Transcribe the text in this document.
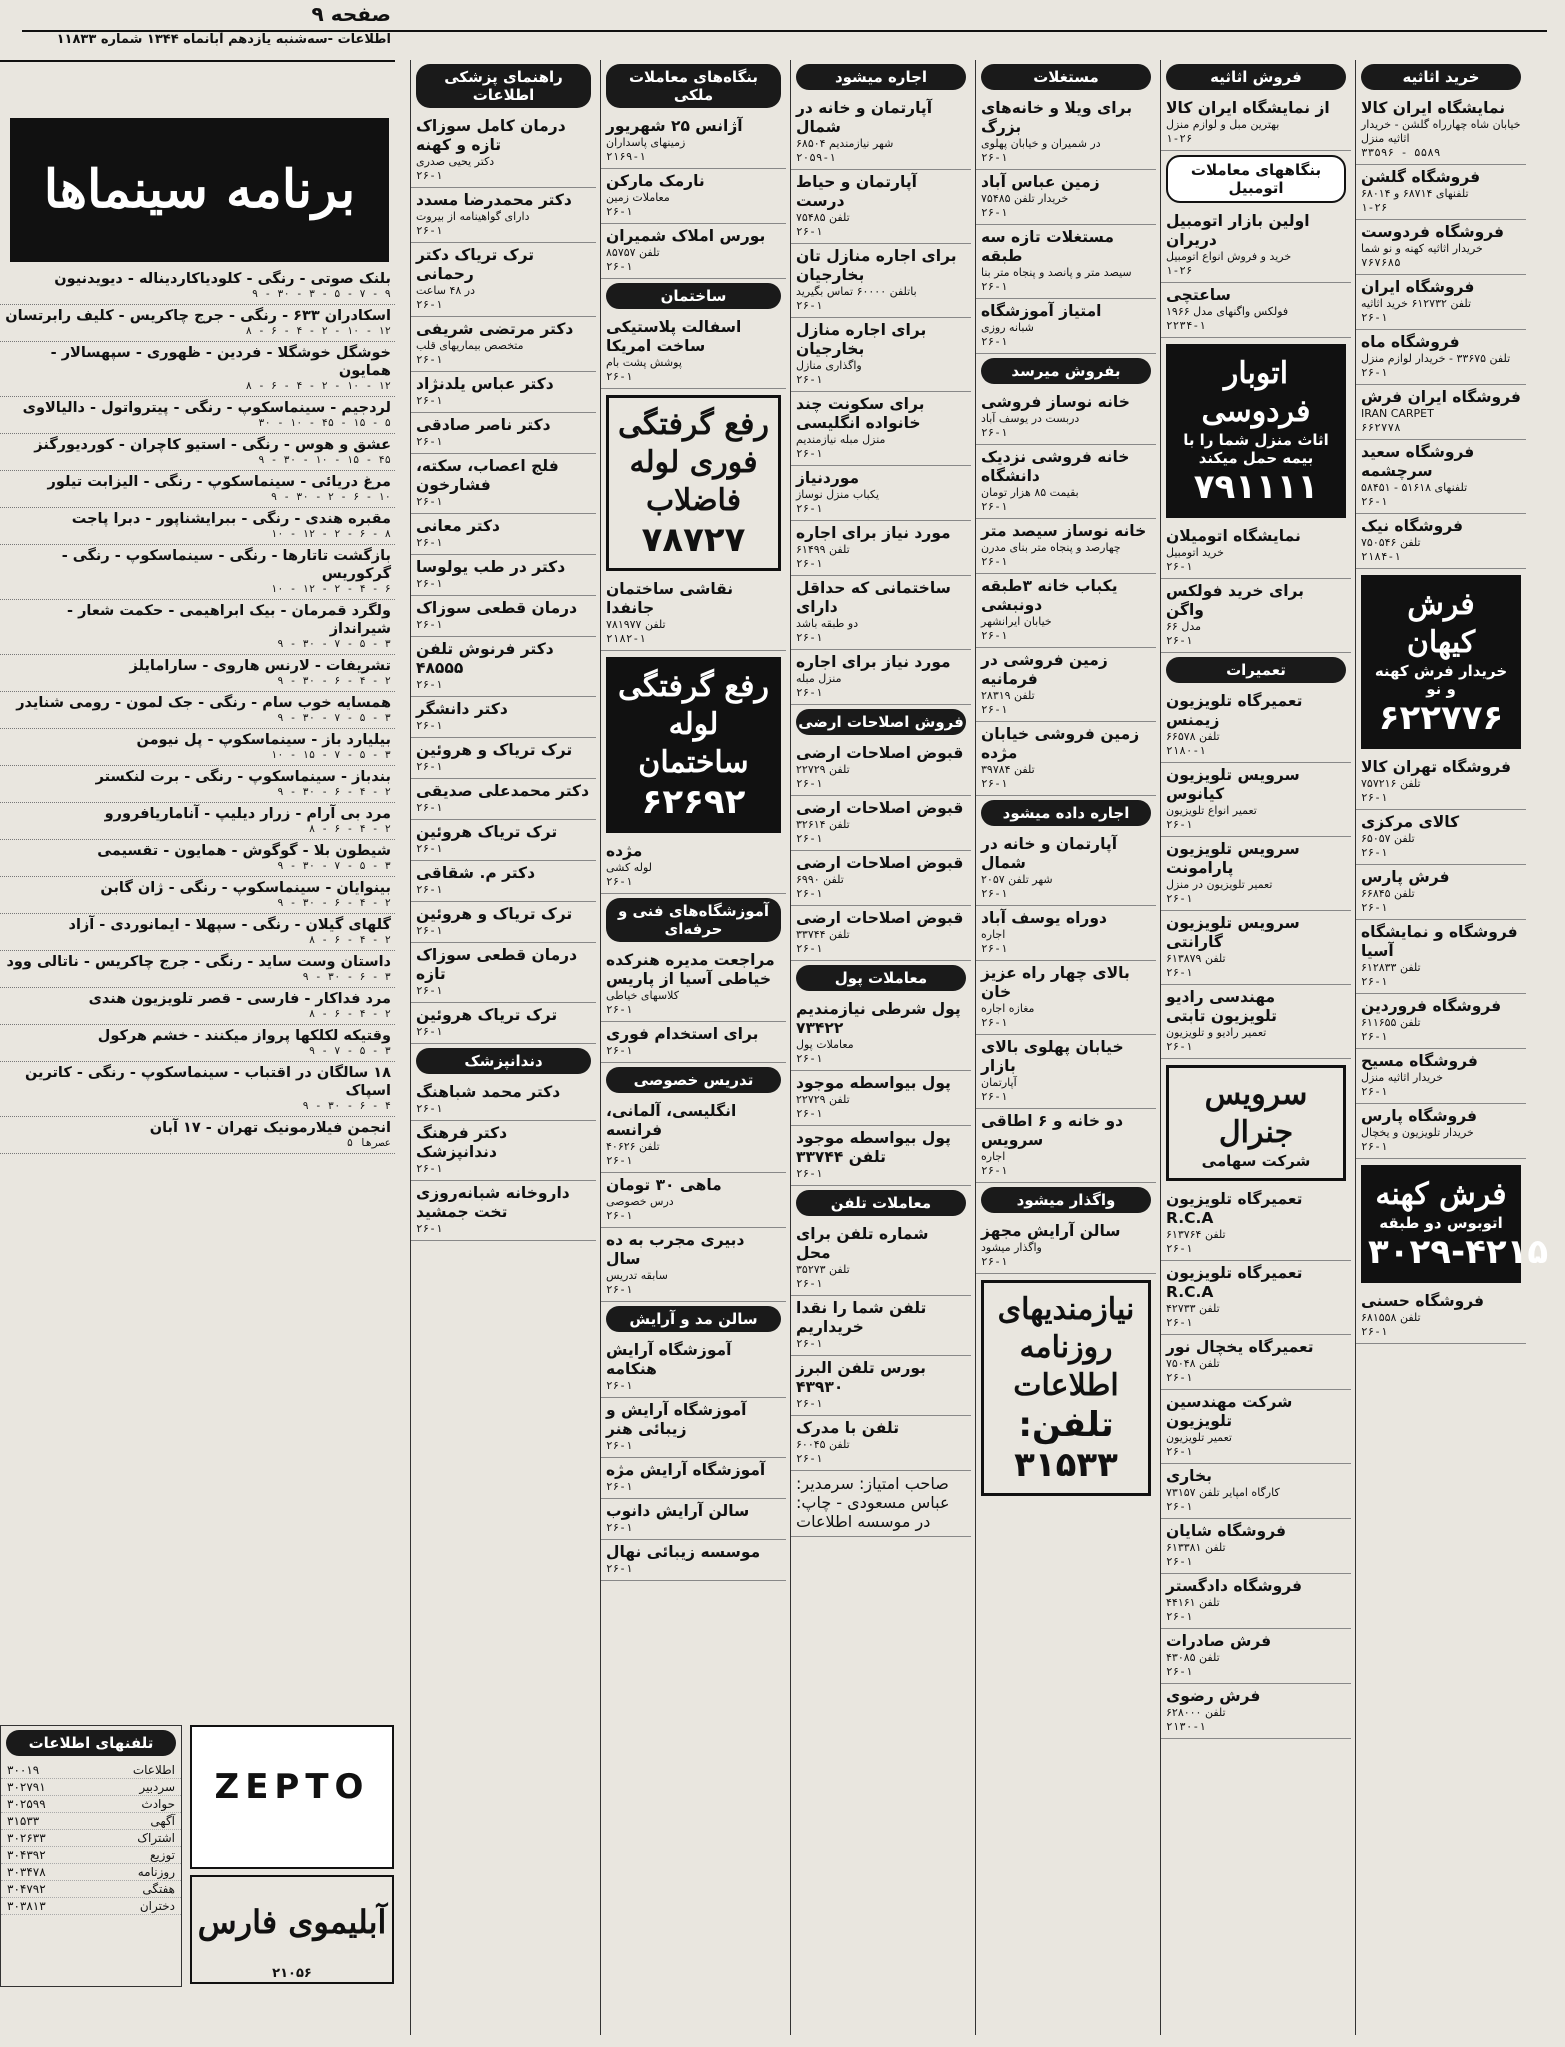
صفحه ۹
اطلاعات -سه‌شنبه یازدهم آبانماه ۱۳۴۴ شماره ۱۱۸۳۳
برنامه سینماها
بلنک صوتی - رنگی - کلودیاکاردیناله - دیویدنیون
۹ - ۳۰ - ۳ - ۵ - ۷ - ۹
اسکادران ۶۳۳ - رنگی - جرج چاکریس - کلیف رابرتسان
۸ - ۶ - ۴ - ۲ - ۱۰ - ۱۲
خوشگل خوشگلا - فردین - ظهوری - سپهسالار - همایون
۸ - ۶ - ۴ - ۲ - ۱۰ - ۱۲
لردجیم - سینماسکوپ - رنگی - پیترواتول - دالیالاوی
۳۰ - ۱۰ - ۴۵ - ۱۵ - ۵
عشق و هوس - رنگی - استیو کاچران - کوردیورگنز
۹ - ۳۰ - ۱۰ - ۱۵ - ۴۵
مرغ دریائی - سینماسکوپ - رنگی - الیزابت تیلور
۹ - ۳۰ - ۲ - ۶ - ۱۰
مقبره هندی - رنگی - ببرایشناپور - دبرا پاجت
۱۰ - ۱۲ - ۲ - ۶ - ۸
بازگشت تاتارها - رنگی - سینماسکوپ - رنگی - گرکوریس
۱۰ - ۱۲ - ۲ - ۴ - ۶
ولگرد قمرمان - بیک ابراهیمی - حکمت شعار - شیرانداز
۹ - ۳۰ - ۷ - ۵ - ۳
تشریفات - لارنس هاروی - سارامایلز
۹ - ۳۰ - ۶ - ۴ - ۲
همسایه خوب سام - رنگی - جک لمون - رومی شنایدر
۹ - ۳۰ - ۷ - ۵ - ۳
بیلیارد باز - سینماسکوپ - پل نیومن
۱۰ - ۱۵ - ۷ - ۵ - ۳
بندباز - سینماسکوپ - رنگی - برت لنکستر
۹ - ۳۰ - ۶ - ۴ - ۲
مرد بی آرام - زرار دیلیپ - آناماریافرورو
۸ - ۶ - ۴ - ۲
شیطون بلا - گوگوش - همایون - تقسیمی
۹ - ۳۰ - ۷ - ۵ - ۳
بینوایان - سینماسکوپ - رنگی - ژان گابن
۹ - ۳۰ - ۶ - ۴ - ۲
گلهای گیلان - رنگی - سپهلا - ایمانوردی - آزاد
۸ - ۶ - ۴ - ۲
داستان وست ساید - رنگی - جرج چاکریس - ناتالی وود
۹ - ۳۰ - ۶ - ۳
مرد فداکار - فارسی - قصر تلویزیون هندی
۸ - ۶ - ۴ - ۲
وقتیکه لکلکها پرواز میکنند - خشم هرکول
۹ - ۷ - ۵ - ۳
۱۸ سالگان در اقتباب - سینماسکوپ - رنگی - کاترین اسپاک
۹ - ۳۰ - ۶ - ۴
انجمن فیلارمونیک تهران - ۱۷ آبان
عصرها ۵
تلفنهای اطلاعات
اطلاعات
۳۰۰۱۹
سردبیر
۳۰۲۷۹۱
حوادث
۳۰۲۵۹۹
آگهی
۳۱۵۳۳
اشتراک
۳۰۲۶۳۳
توزیع
۳۰۴۳۹۲
روزنامه
۳۰۳۴۷۸
هفتگی
۳۰۴۷۹۲
دختران
۳۰۳۸۱۳
ZEPTO
آبلیموی فارس
۲۱۰۵۶
خرید اثاثیه
نمایشگاه ایران کالا
خیابان شاه چهارراه گلشن - خریدار اثاثیه منزل
۳۳۵۹۶ - ۵۵۸۹
فروشگاه گلشن
تلفنهای ۶۸۷۱۴ و ۶۸۰۱۴
۱-۲۶
فروشگاه فردوست
خریدار اثاثیه کهنه و نو شما
۷۶۷۶۸۵
فروشگاه ایران
تلفن ۶۱۲۷۳۲ خرید اثاثیه
۲۶-۱
فروشگاه ماه
تلفن ۳۳۶۷۵ - خریدار لوازم منزل
۲۶-۱
فروشگاه ایران فرش
IRAN CARPET
۶۶۲۷۷۸
فروشگاه سعید سرچشمه
تلفنهای ۵۱۶۱۸ - ۵۸۴۵۱
۲۶-۱
فروشگاه نیک
تلفن ۷۵۰۵۴۶
۲۱۸۴-۱
فرش کیهان
خریدار فرش کهنه و نو
۶۲۲۷۷۶
فروشگاه تهران کالا
تلفن ۷۵۷۲۱۶
۲۶-۱
کالای مرکزی
تلفن ۶۵۰۵۷
۲۶-۱
فرش پارس
تلفن ۶۶۸۴۵
۲۶-۱
فروشگاه و نمایشگاه آسیا
تلفن ۶۱۲۸۳۳
۲۶-۱
فروشگاه فروردین
تلفن ۶۱۱۶۵۵
۲۶-۱
فروشگاه مسیح
خریدار اثاثیه منزل
۲۶-۱
فروشگاه پارس
خریدار تلویزیون و یخچال
۲۶-۱
فرش کهنه
اتوبوس دو طبقه
۳۰۲۹-۴۲۱۵
فروشگاه حسنی
تلفن ۶۸۱۵۵۸
۲۶-۱
فروش اثاثیه
از نمایشگاه ایران کالا
بهترین مبل و لوازم منزل
۱-۲۶
بنگاههای معاملات اتومبیل
اولین بازار اتومبیل دریران
خرید و فروش انواع اتومبیل
۱-۲۶
ساعتچی
فولکس واگنهای مدل ۱۹۶۶
۲۲۳۴-۱
اتوبار فردوسی
اثاث منزل شما را با بیمه حمل میکند
۷۹۱۱۱۱
نمایشگاه اتومیلان
خرید اتومبیل
۲۶-۱
برای خرید فولکس واگن
مدل ۶۶
۲۶-۱
تعمیرات
تعمیرگاه تلویزیون زیمنس
تلفن ۶۶۵۷۸
۲۱۸۰-۱
سرویس تلویزیون کیانوس
تعمیر انواع تلویزیون
۲۶-۱
سرویس تلویزیون پارامونت
تعمیر تلویزیون در منزل
۲۶-۱
سرویس تلویزیون گارانتی
تلفن ۶۱۳۸۷۹
۲۶-۱
مهندسی رادیو تلویزیون تابتی
تعمیر رادیو و تلویزیون
۲۶-۱
سرویس جنرال
شرکت سهامی
تعمیرگاه تلویزیون R.C.A
تلفن ۶۱۳۷۶۴
۲۶-۱
تعمیرگاه تلویزیون R.C.A
تلفن ۴۲۷۳۳
۲۶-۱
تعمیرگاه یخچال نور
تلفن ۷۵۰۴۸
۲۶-۱
شرکت مهندسین تلویزیون
تعمیر تلویزیون
۲۶-۱
بخاری
کارگاه امپایر تلفن ۷۳۱۵۷
۲۶-۱
فروشگاه شایان
تلفن ۶۱۳۳۸۱
۲۶-۱
فروشگاه دادگستر
تلفن ۴۴۱۶۱
۲۶-۱
فرش صادرات
تلفن ۴۳۰۸۵
۲۶-۱
فرش رضوی
تلفن ۶۲۸۰۰۰
۲۱۳۰-۱
مستغلات
برای ویلا و خانه‌های بزرگ
در شمیران و خیابان پهلوی
۲۶-۱
زمین عباس آباد
خریدار تلفن ۷۵۴۸۵
۲۶-۱
مستغلات تازه سه طبقه
سیصد متر و پانصد و پنجاه متر بنا
۲۶-۱
امتیاز آموزشگاه
شبانه روزی
۲۶-۱
بفروش میرسد
خانه نوساز فروشی
دربست در یوسف آباد
۲۶-۱
خانه فروشی نزدیک دانشگاه
بقیمت ۸۵ هزار تومان
۲۶-۱
خانه نوساز سیصد متر
چهارصد و پنجاه متر بنای مدرن
۲۶-۱
یکباب خانه ۳طبقه دونبشی
خیابان ایرانشهر
۲۶-۱
زمین فروشی در فرمانیه
تلفن ۲۸۳۱۹
۲۶-۱
زمین فروشی خیابان مژده
تلفن ۳۹۷۸۴
۲۶-۱
اجاره داده میشود
آپارتمان و خانه در شمال
شهر تلفن ۲۰۵۷
۲۶-۱
دوراه یوسف آباد
اجاره
۲۶-۱
بالای چهار راه عزیز خان
مغازه اجاره
۲۶-۱
خیابان پهلوی بالای بازار
آپارتمان
۲۶-۱
دو خانه و ۶ اطاقی سرویس
اجاره
۲۶-۱
واگذار میشود
سالن آرایش مجهز
واگذار میشود
۲۶-۱
نیازمندیهای روزنامه اطلاعات
تلفن: ۳۱۵۳۳
اجاره میشود
آپارتمان و خانه در شمال
شهر نیازمندیم ۶۸۵۰۴
۲۰۵۹-۱
آپارتمان و حیاط درست
تلفن ۷۵۴۸۵
۲۶-۱
برای اجاره منازل تان بخارجیان
باتلفن ۶۰۰۰۰ تماس بگیرید
۲۶-۱
برای اجاره منازل بخارجیان
واگذاری منازل
۲۶-۱
برای سکونت چند خانواده انگلیسی
منزل مبله نیازمندیم
۲۶-۱
موردنیاز
یکباب منزل نوساز
۲۶-۱
مورد نیاز برای اجاره
تلفن ۶۱۴۹۹
۲۶-۱
ساختمانی که حداقل دارای
دو طبقه باشد
۲۶-۱
مورد نیاز برای اجاره
منزل مبله
۲۶-۱
فروش اصلاحات ارضی
قبوض اصلاحات ارضی
تلفن ۲۲۷۲۹
۲۶-۱
قبوض اصلاحات ارضی
تلفن ۳۲۶۱۴
۲۶-۱
قبوض اصلاحات ارضی
تلفن ۶۹۹۰
۲۶-۱
قبوض اصلاحات ارضی
تلفن ۳۳۷۴۴
۲۶-۱
معاملات پول
پول شرطی نیازمندیم ۷۳۴۲۲
معاملات پول
۲۶-۱
پول بیواسطه موجود
تلفن ۲۲۷۲۹
۲۶-۱
پول بیواسطه موجود تلفن ۳۳۷۴۴
۲۶-۱
معاملات تلفن
شماره تلفن برای محل
تلفن ۳۵۲۷۳
۲۶-۱
تلفن شما را نقدا خریداریم
۲۶-۱
بورس تلفن البرز ۴۳۹۳۰
۲۶-۱
تلفن با مدرک
تلفن ۶۰۰۴۵
۲۶-۱
صاحب امتیاز: سرمدیر: عباس مسعودی - چاپ: در موسسه اطلاعات
بنگاه‌های معاملات ملکی
آژانس ۲۵ شهریور
زمینهای پاسداران
۲۱۶۹-۱
نارمک مارکن
معاملات زمین
۲۶-۱
بورس املاک شمیران
تلفن ۸۵۷۵۷
۲۶-۱
ساختمان
اسفالت پلاستیکی ساخت امریکا
پوشش پشت بام
۲۶-۱
رفع گرفتگی فوری لوله فاضلاب
۷۸۷۲۷
نقاشی ساختمان جانفدا
تلفن ۷۸۱۹۷۷
۲۱۸۲-۱
رفع گرفتگی لوله ساختمان
۶۲۶۹۲
مژده
لوله کشی
۲۶-۱
آموزشگاه‌های فنی و حرفه‌ای
مراجعت مدیره هنرکده خیاطی آسیا از پاریس
کلاسهای خیاطی
۲۶-۱
برای استخدام فوری
۲۶-۱
تدریس خصوصی
انگلیسی، آلمانی، فرانسه
تلفن ۴۰۶۲۶
۲۶-۱
ماهی ۳۰ تومان
درس خصوصی
۲۶-۱
دبیری مجرب به ده سال
سابقه تدریس
۲۶-۱
سالن مد و آرایش
آموزشگاه آرایش هنکامه
۲۶-۱
آموزشگاه آرایش و زیبائی هنر
۲۶-۱
آموزشگاه آرایش مژه
۲۶-۱
سالن آرایش دانوب
۲۶-۱
موسسه زیبائی نهال
۲۶-۱
راهنمای پزشکی اطلاعات
درمان کامل سوزاک تازه و کهنه
دکتر یحیی صدری
۲۶-۱
دکتر محمدرضا مسدد
دارای گواهینامه از بیروت
۲۶-۱
ترک تریاک دکتر رحمانی
در ۴۸ ساعت
۲۶-۱
دکتر مرتضی شریفی
متخصص بیماریهای قلب
۲۶-۱
دکتر عباس یلدنژاد
۲۶-۱
دکتر ناصر صادقی
۲۶-۱
فلج اعصاب، سکته، فشارخون
۲۶-۱
دکتر معانی
۲۶-۱
دکتر در طب یولوسا
۲۶-۱
درمان قطعی سوزاک
۲۶-۱
دکتر فرنوش تلفن ۴۸۵۵۵
۲۶-۱
دکتر دانشگر
۲۶-۱
ترک تریاک و هروئین
۲۶-۱
دکتر محمدعلی صدیقی
۲۶-۱
ترک تریاک هروئین
۲۶-۱
دکتر م. شقاقی
۲۶-۱
ترک تریاک و هروئین
۲۶-۱
درمان قطعی سوزاک تازه
۲۶-۱
ترک تریاک هروئین
۲۶-۱
دندانپزشک
دکتر محمد شباهنگ
۲۶-۱
دکتر فرهنگ دندانپزشک
۲۶-۱
داروخانه شبانه‌روزی تخت جمشید
۲۶-۱
